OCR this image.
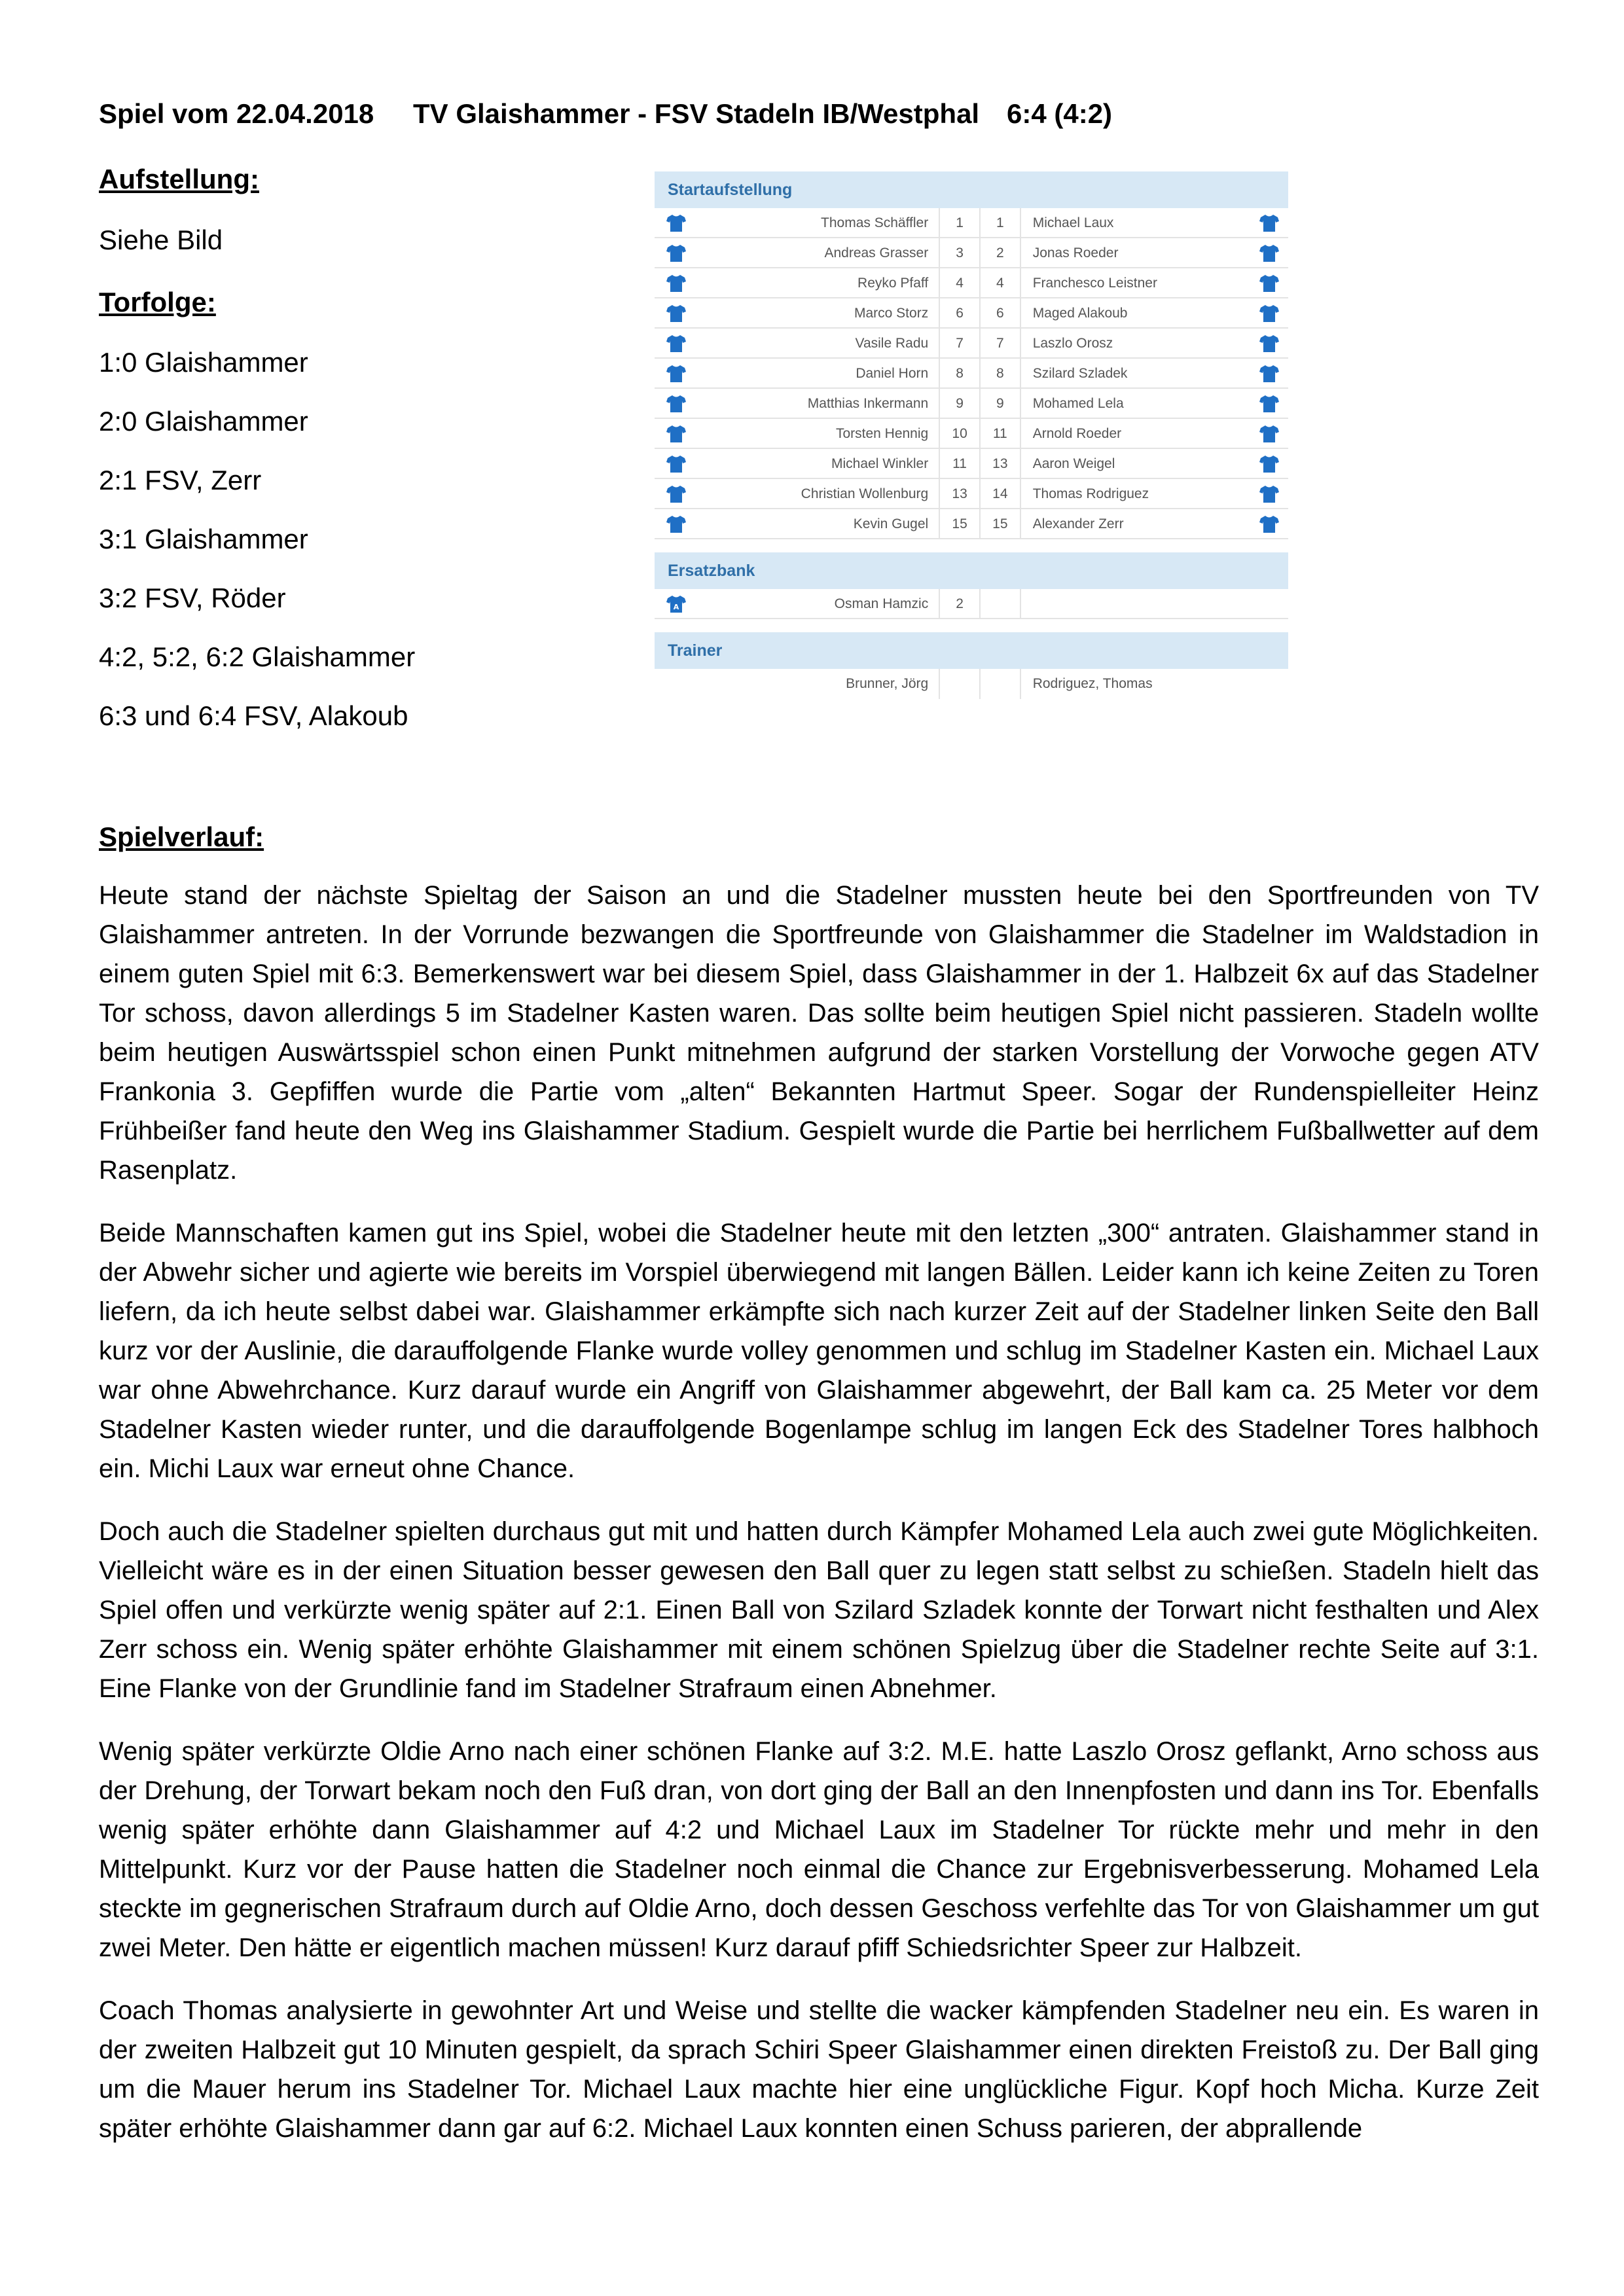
Spiel vom 22.04.2018

TV Glaishammer - FSV Stadeln IB/Westphal

6:4 (4:2)

Aufstellung:
Siehe Bild
Torfolge:
1:0 Glaishammer
2:0 Glaishammer
2:1 FSV, Zerr
3:1 Glaishammer
3:2 FSV, Röder
4:2, 5:2, 6:2 Glaishammer
6:3 und 6:4 FSV, Alakoub
Startaufstellung
Thomas Schäffler	1	1	Michael Laux
Andreas Grasser	3	2	Jonas Roeder
Reyko Pfaff	4	4	Franchesco Leistner
Marco Storz	6	6	Maged Alakoub
Vasile Radu	7	7	Laszlo Orosz
Daniel Horn	8	8	Szilard Szladek
Matthias Inkermann	9	9	Mohamed Lela
Torsten Hennig	10	11	Arnold Roeder
Michael Winkler	11	13	Aaron Weigel
Christian Wollenburg	13	14	Thomas Rodriguez
Kevin Gugel	15	15	Alexander Zerr
Ersatzbank
A	Osman Hamzic	2
Trainer
Brunner, Jörg	Rodriguez, Thomas
Spielverlauf:

Heute stand der nächste Spieltag der Saison an und die Stadelner mussten heute bei den Sportfreunden von TV Glaishammer antreten. In der Vorrunde bezwangen die Sportfreunde von Glaishammer die Stadelner im Waldstadion in einem guten Spiel mit 6:3. Bemerkenswert war bei diesem Spiel, dass Glaishammer in der 1. Halbzeit 6x auf das Stadelner Tor schoss, davon allerdings 5 im Stadelner Kasten waren. Das sollte beim heutigen Spiel nicht passieren. Stadeln wollte beim heutigen Auswärtsspiel schon einen Punkt mitnehmen aufgrund der starken Vorstellung der Vorwoche gegen ATV Frankonia 3. Gepfiffen wurde die Partie vom „alten“ Bekannten Hartmut Speer. Sogar der Rundenspielleiter Heinz Frühbeißer fand heute den Weg ins Glaishammer Stadium. Gespielt wurde die Partie bei herrlichem Fußballwetter auf dem Rasenplatz.

Beide Mannschaften kamen gut ins Spiel, wobei die Stadelner heute mit den letzten „300“ antraten. Glaishammer stand in der Abwehr sicher und agierte wie bereits im Vorspiel überwiegend mit langen Bällen. Leider kann ich keine Zeiten zu Toren liefern, da ich heute selbst dabei war. Glaishammer erkämpfte sich nach kurzer Zeit auf der Stadelner linken Seite den Ball kurz vor der Auslinie, die darauffolgende Flanke wurde volley genommen und schlug im Stadelner Kasten ein. Michael Laux war ohne Abwehrchance. Kurz darauf wurde ein Angriff von Glaishammer abgewehrt, der Ball kam ca. 25 Meter vor dem Stadelner Kasten wieder runter, und die darauffolgende Bogenlampe schlug im langen Eck des Stadelner Tores halbhoch ein. Michi Laux war erneut ohne Chance.

Doch auch die Stadelner spielten durchaus gut mit und hatten durch Kämpfer Mohamed Lela auch zwei gute Möglichkeiten. Vielleicht wäre es in der einen Situation besser gewesen den Ball quer zu legen statt selbst zu schießen. Stadeln hielt das Spiel offen und verkürzte wenig später auf 2:1. Einen Ball von Szilard Szladek konnte der Torwart nicht festhalten und Alex Zerr schoss ein. Wenig später erhöhte Glaishammer mit einem schönen Spielzug über die Stadelner rechte Seite auf 3:1. Eine Flanke von der Grundlinie fand im Stadelner Strafraum einen Abnehmer.

Wenig später verkürzte Oldie Arno nach einer schönen Flanke auf 3:2. M.E. hatte Laszlo Orosz geflankt, Arno schoss aus der Drehung, der Torwart bekam noch den Fuß dran, von dort ging der Ball an den Innenpfosten und dann ins Tor. Ebenfalls wenig später erhöhte dann Glaishammer auf 4:2 und Michael Laux im Stadelner Tor rückte mehr und mehr in den Mittelpunkt. Kurz vor der Pause hatten die Stadelner noch einmal die Chance zur Ergebnisverbesserung. Mohamed Lela steckte im gegnerischen Strafraum durch auf Oldie Arno, doch dessen Geschoss verfehlte das Tor von Glaishammer um gut zwei Meter. Den hätte er eigentlich machen müssen! Kurz darauf pfiff Schiedsrichter Speer zur Halbzeit.

Coach Thomas analysierte in gewohnter Art und Weise und stellte die wacker kämpfenden Stadelner neu ein. Es waren in der zweiten Halbzeit gut 10 Minuten gespielt, da sprach Schiri Speer Glaishammer einen direkten Freistoß zu. Der Ball ging um die Mauer herum ins Stadelner Tor. Michael Laux machte hier eine unglückliche Figur. Kopf hoch Micha. Kurze Zeit später erhöhte Glaishammer dann gar auf 6:2. Michael Laux konnten einen Schuss parieren, der abprallende
